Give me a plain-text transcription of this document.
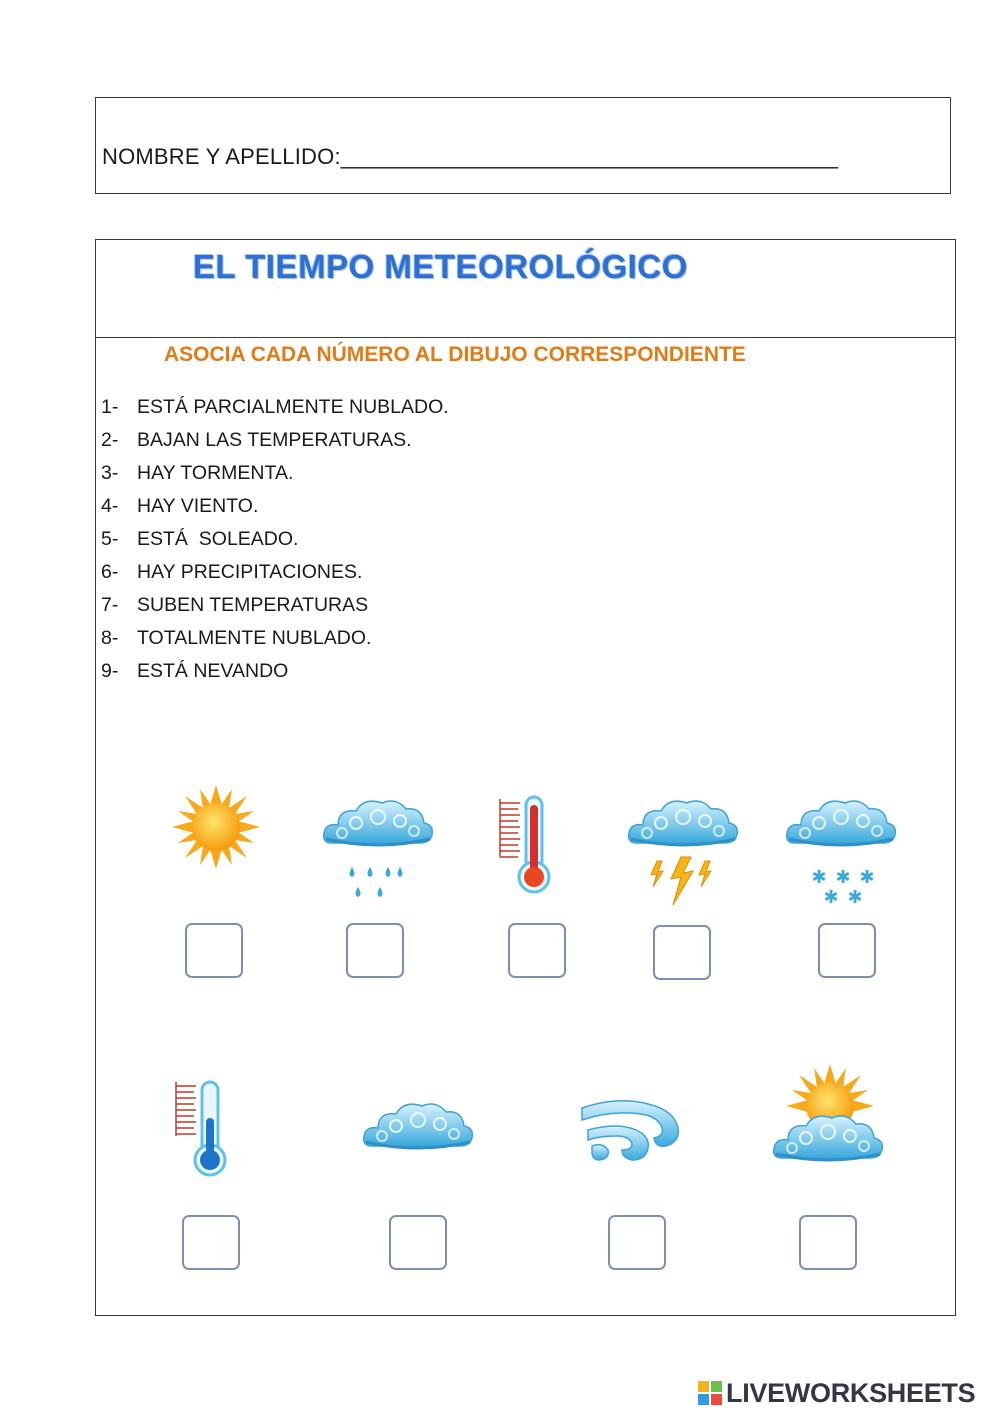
NOMBRE Y APELLIDO:________________________________________
EL TIEMPO METEOROLÓGICO
ASOCIA CADA NÚMERO AL DIBUJO CORRESPONDIENTE
1- ESTÁ PARCIALMENTE NUBLADO.
2- BAJAN LAS TEMPERATURAS.
3- HAY TORMENTA.
4- HAY VIENTO.
5- ESTÁ  SOLEADO.
6- HAY PRECIPITACIONES.
7- SUBEN TEMPERATURAS
8- TOTALMENTE NUBLADO.
9- ESTÁ NEVANDO
✱ ✱ ✱
✱ ✱
LIVEWORKSHEETS
